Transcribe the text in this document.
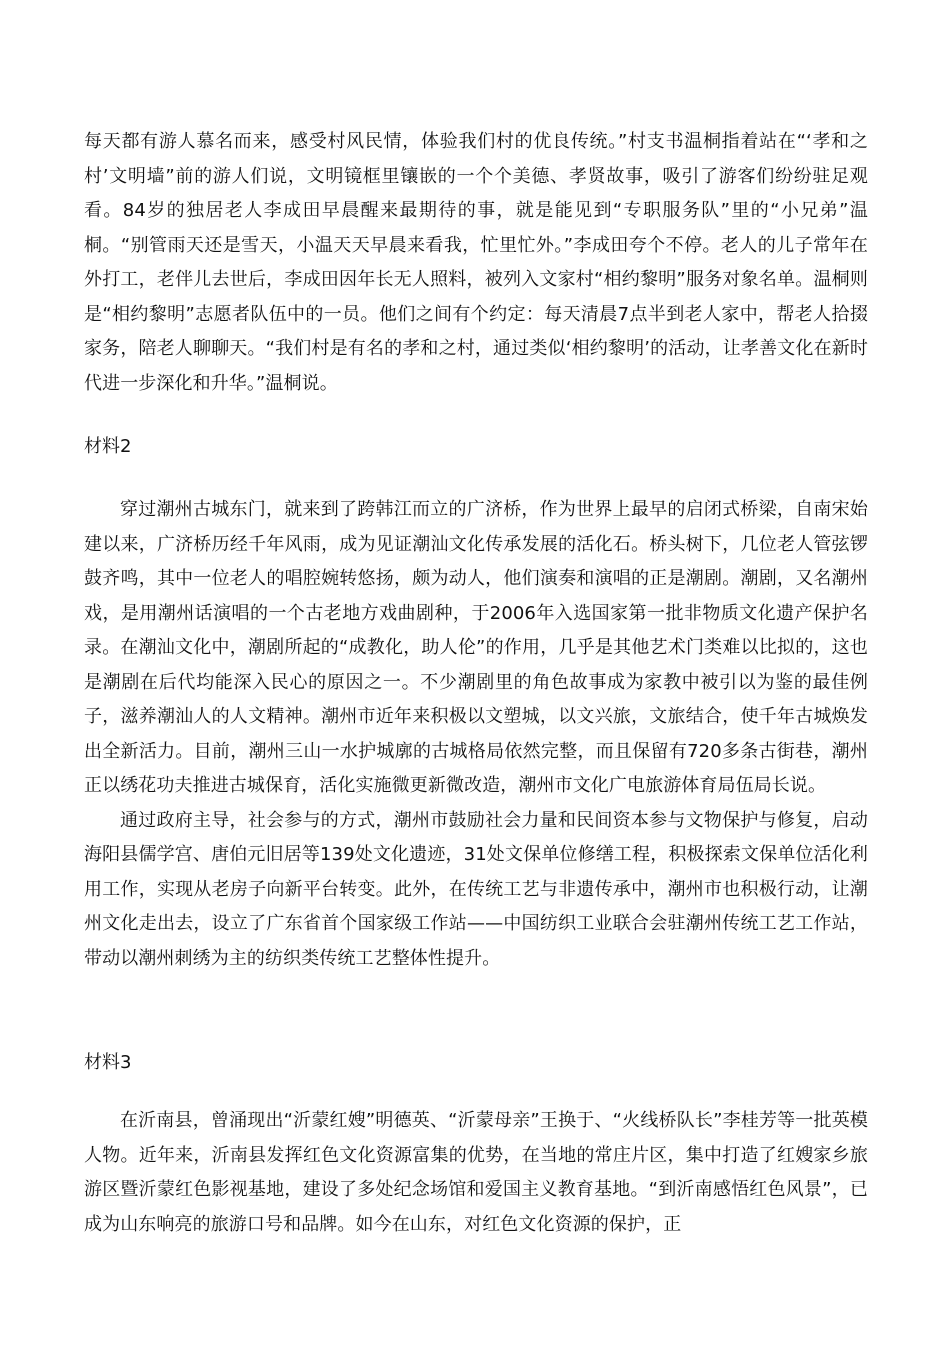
每天都有游人慕名而来，感受村风民情，体验我们村的优良传统。”村支书温桐指着站在“‘孝和之村’文明墙”前的游人们说，文明镜框里镶嵌的一个个美德、孝贤故事，吸引了游客们纷纷驻足观看。84岁的独居老人李成田早晨醒来最期待的事，就是能见到“专职服务队”里的“小兄弟”温桐。“别管雨天还是雪天，小温天天早晨来看我，忙里忙外。”李成田夸个不停。老人的儿子常年在外打工，老伴儿去世后，李成田因年长无人照料，被列入文家村“相约黎明”服务对象名单。温桐则是“相约黎明”志愿者队伍中的一员。他们之间有个约定：每天清晨7点半到老人家中，帮老人拾掇家务，陪老人聊聊天。“我们村是有名的孝和之村，通过类似‘相约黎明’的活动，让孝善文化在新时代进一步深化和升华。”温桐说。

材料2

穿过潮州古城东门，就来到了跨韩江而立的广济桥，作为世界上最早的启闭式桥梁，自南宋始建以来，广济桥历经千年风雨，成为见证潮汕文化传承发展的活化石。桥头树下，几位老人管弦锣鼓齐鸣，其中一位老人的唱腔婉转悠扬，颇为动人，他们演奏和演唱的正是潮剧。潮剧，又名潮州戏，是用潮州话演唱的一个古老地方戏曲剧种，于2006年入选国家第一批非物质文化遗产保护名录。在潮汕文化中，潮剧所起的“成教化，助人伦”的作用，几乎是其他艺术门类难以比拟的，这也是潮剧在后代均能深入民心的原因之一。不少潮剧里的角色故事成为家教中被引以为鉴的最佳例子，滋养潮汕人的人文精神。潮州市近年来积极以文塑城，以文兴旅，文旅结合，使千年古城焕发出全新活力。目前，潮州三山一水护城廓的古城格局依然完整，而且保留有720多条古街巷，潮州正以绣花功夫推进古城保育，活化实施微更新微改造，潮州市文化广电旅游体育局伍局长说。

通过政府主导，社会参与的方式，潮州市鼓励社会力量和民间资本参与文物保护与修复，启动海阳县儒学宫、唐伯元旧居等139处文化遗迹，31处文保单位修缮工程，积极探索文保单位活化利用工作，实现从老房子向新平台转变。此外，在传统工艺与非遗传承中，潮州市也积极行动，让潮州文化走出去，设立了广东省首个国家级工作站——中国纺织工业联合会驻潮州传统工艺工作站，带动以潮州刺绣为主的纺织类传统工艺整体性提升。

材料3

在沂南县，曾涌现出“沂蒙红嫂”明德英、“沂蒙母亲”王换于、“火线桥队长”李桂芳等一批英模人物。近年来，沂南县发挥红色文化资源富集的优势，在当地的常庄片区，集中打造了红嫂家乡旅游区暨沂蒙红色影视基地，建设了多处纪念场馆和爱国主义教育基地。“到沂南感悟红色风景”，已成为山东响亮的旅游口号和品牌。如今在山东，对红色文化资源的保护，正
